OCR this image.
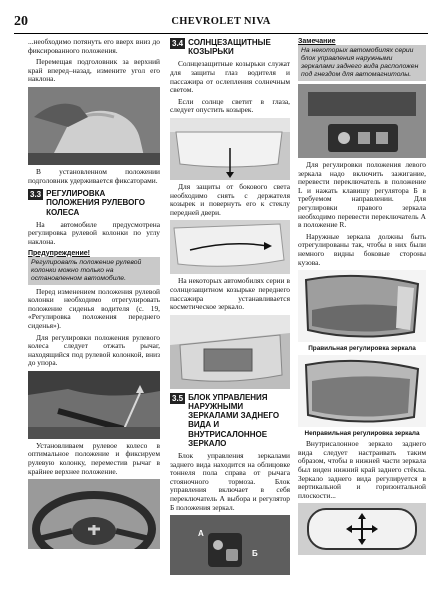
20	CHEVROLET NIVA

...необходимо потянуть его вверх вниз до фиксированного положения.

Перемещая подголовник за верхний край вперед–назад, измените угол его наклона.

В установленном положении подголовник удерживается фиксаторами.

3.3 РЕГУЛИРОВКА ПОЛОЖЕНИЯ РУЛЕВОГО КОЛЕСА

На автомобиле предусмотрена регулировка рулевой колонки по углу наклона.

Предупреждение!
Регулировать положение рулевой колонки можно только на остановленном автомобиле.

Перед изменением положения рулевой колонки необходимо отрегулировать положение сиденья водителя (с. 19, «Регулировка положения переднего сиденья»).

Для регулировки положения рулевого колеса следует отжать рычаг, находящийся под рулевой колонкой, вниз до упора.

Установливаем рулевое колесо в оптимальное положение и фиксируем рулевую колонку, переместив рычаг в крайнее верхнее положение.

3.4 СОЛНЦЕЗАЩИТНЫЕ КОЗЫРЬКИ

Солнцезащитные козырьки служат для защиты глаз водителя и пассажира от ослепления солнечным светом.

Если солнце светит в глаза, следует опустить козырек.

Для защиты от бокового света необходимо снять с держателя козырек и повернуть его к стеклу передней двери.

На некоторых автомобилях серии в солнцезащитном козырьке переднего пассажира устанавливается косметическое зеркало.

3.5 БЛОК УПРАВЛЕНИЯ НАРУЖНЫМИ ЗЕРКАЛАМИ ЗАДНЕГО ВИДА И ВНУТРИСАЛОННОЕ ЗЕРКАЛО

Блок управления зеркалами заднего вида находится на облицовке тоннеля пола справа от рычага стояночного тормоза. Блок управления включает в себя переключатель А выбора и регулятор Б положения зеркал.

А
Б
Замечание
На некоторых автомобилях серии блок управления наружными зеркалами заднего вида расположен под гнездом для автомагнитолы.

Для регулировки положения левого зеркала надо включить зажигание, перевести переключатель в положение L и нажать клавишу регулятора Б в требуемом направлении. Для регулировки правого зеркала необходимо перевести переключатель А в положение R.

Наружные зеркала должны быть отрегулированы так, чтобы в них были немного видны боковые стороны кузова.

Правильная регулировка зеркала
Неправильная регулировка зеркала

Внутрисалонное зеркало заднего вида следует настраивать таким образом, чтобы в нижней части зеркала был виден нижний край заднего стёкла. Зеркало заднего вида регулируется в вертикальной и горизонтальной плоскости...
